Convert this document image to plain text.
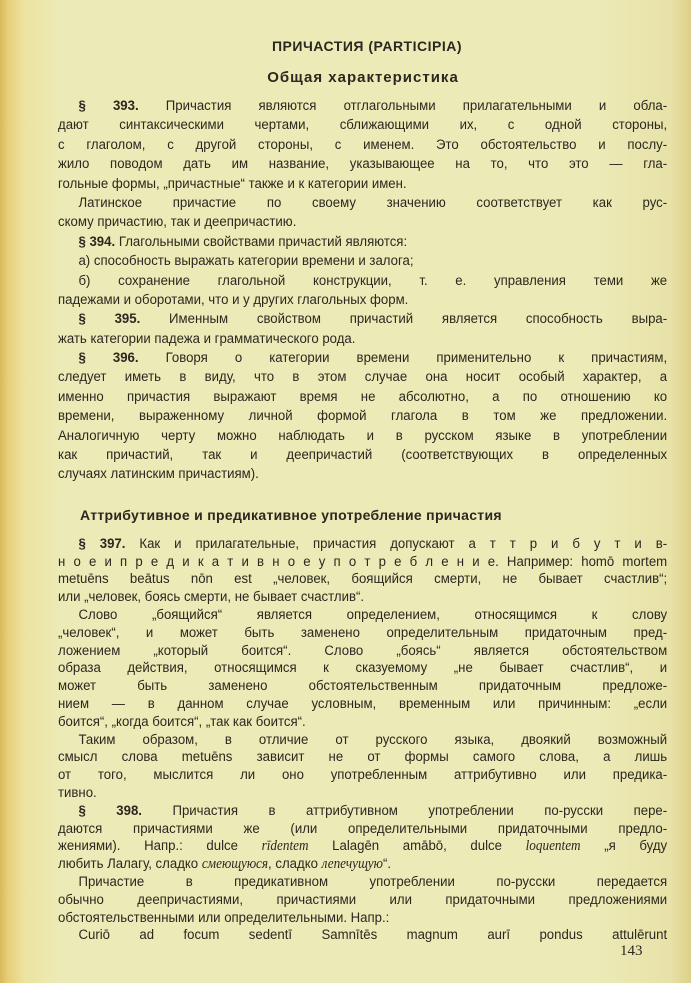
ПРИЧАСТИЯ (PARTICIPIA)
Общая характеристика
§ 393. Причастия являются отглагольными прилагательными и обла-
дают синтаксическими чертами, сближающими их, с одной стороны,
с глаголом, с другой стороны, с именем. Это обстоятельство и послу-
жило поводом дать им название, указывающее на то, что это — гла-
гольные формы, „причастные“ также и к категории имен.
Латинское причастие по своему значению соответствует как рус-
скому причастию, так и деепричастию.
§ 394. Глагольными свойствами причастий являются:
а) способность выражать категории времени и залога;
б) сохранение глагольной конструкции, т. е. управления теми же
падежами и оборотами, что и у других глагольных форм.
§ 395. Именным свойством причастий является способность выра-
жать категории падежа и грамматического рода.
§ 396. Говоря о категории времени применительно к причастиям,
следует иметь в виду, что в этом случае она носит особый характер, а
именно причастия выражают время не абсолютно, а по отношению ко
времени, выраженному личной формой глагола в том же предложении.
Аналогичную черту можно наблюдать и в русском языке в употреблении
как причастий, так и деепричастий (соответствующих в определенных
случаях латинским причастиям).
Аттрибутивное и предикативное употребление причастия
§ 397. Как и прилагательные, причастия допускают а т т р и б у т и в-
н о е и п р е д и к а т и в н о е у п о т р е б л е н и е. Например: homō mortem
metuēns beātus nōn est „человек, боящийся смерти, не бывает счастлив“;
или „человек, боясь смерти, не бывает счастлив“.
Слово „боящийся“ является определением, относящимся к слову
„человек“, и может быть заменено определительным придаточным пред-
ложением „который боится“. Слово „боясь“ является обстоятельством
образа действия, относящимся к сказуемому „не бывает счастлив“, и
может быть заменено обстоятельственным придаточным предложе-
нием — в данном случае условным, временным или причинным: „если
боится“, „когда боится“, „так как боится“.
Таким образом, в отличие от русского языка, двоякий возможный
смысл слова metuēns зависит не от формы самого слова, а лишь
от того, мыслится ли оно употребленным аттрибутивно или предика-
тивно.
§ 398. Причастия в аттрибутивном употреблении по-русски пере-
даются причастиями же (или определительными придаточными предло-
жениями). Напр.: dulce rīdentem Lalagēn amābō, dulce loquentem „я буду
любить Лалагу, сладко смеющуюся, сладко лепечущую“.
Причастие в предикативном употреблении по-русски передается
обычно деепричастиями, причастиями или придаточными предложениями
обстоятельственными или определительными. Напр.:
Curiō ad focum sedentī Samnītēs magnum aurī pondus attulērunt
143
